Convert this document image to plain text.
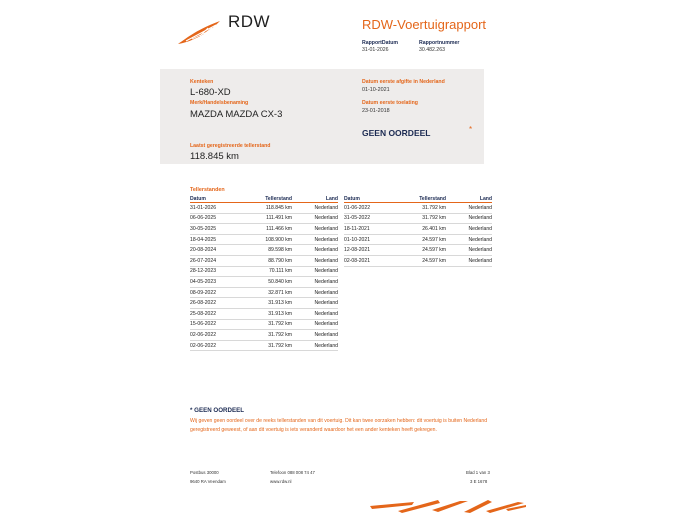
RDW	RDW-Voertuigrapport
RapportDatum
31-01-2026
Rapportnummer
30.482.263
Kenteken
L-680-XD
Merk/Handelsbenaming
MAZDA MAZDA CX-3
Laatst geregistreerde tellerstand
118.845 km
Datum eerste afgifte in Nederland
01-10-2021
Datum eerste toelating
23-01-2018
GEEN OORDEEL	*
Tellerstanden
Datum	Tellerstand	Land
31-01-2026	118.845 km	Nederland
06-06-2025	111.491 km	Nederland
30-05-2025	111.466 km	Nederland
18-04-2025	108.900 km	Nederland
20-08-2024	89.598 km	Nederland
26-07-2024	88.790 km	Nederland
28-12-2023	70.111 km	Nederland
04-05-2023	50.840 km	Nederland
08-09-2022	32.871 km	Nederland
26-08-2022	31.913 km	Nederland
25-08-2022	31.913 km	Nederland
15-06-2022	31.792 km	Nederland
02-06-2022	31.792 km	Nederland
02-06-2022	31.792 km	Nederland
Datum	Tellerstand	Land
01-06-2022	31.792 km	Nederland
31-05-2022	31.792 km	Nederland
18-11-2021	26.401 km	Nederland
01-10-2021	24.597 km	Nederland
12-08-2021	24.597 km	Nederland
02-08-2021	24.597 km	Nederland
* GEEN OORDEEL
Wij geven geen oordeel over de reeks tellerstanden van dit voertuig. Dit kan twee oorzaken hebben: dit voertuig is buiten Nederland geregistreerd geweest, of aan dit voertuig is iets veranderd waardoor het een ander kenteken heeft gekregen.
Postbus 30000
9640 RA Veendam
Telefoon 088 008 74 47
www.rdw.nl
Blad 1 van 3
3 E 1678
